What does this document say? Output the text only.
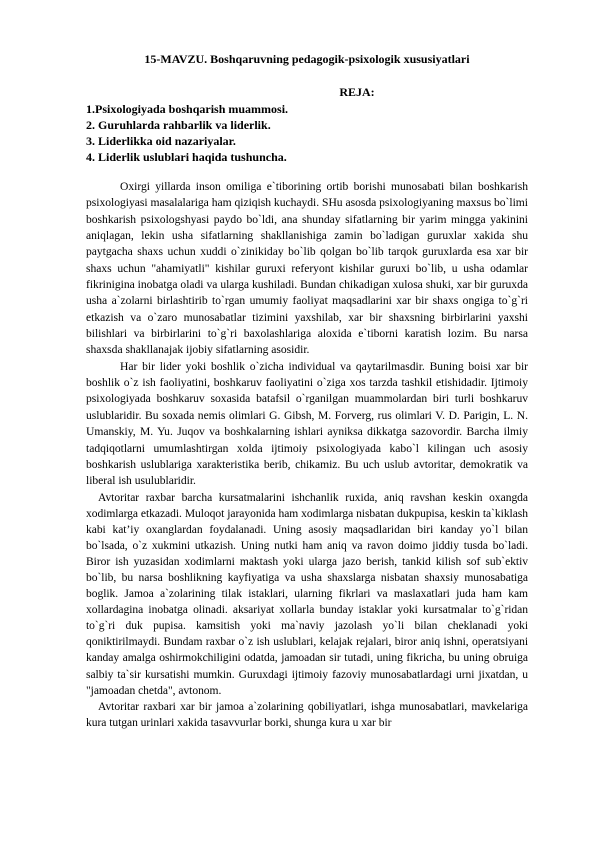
15-MAVZU. Boshqaruvning pedagogik-psixologik xususiyatlari

REJA:

1.Psixologiyada boshqarish muammosi.
2. Guruhlarda rahbarlik va liderlik.
3. Liderlikka oid nazariyalar.
4. Liderlik uslublari haqida tushuncha.

Oxirgi yillarda inson omiliga e`tiborining ortib borishi munosabati bilan boshkarish psixologiyasi masalalariga ham qiziqish kuchaydi. SHu asosda psixologiyaning maxsus bo`limi boshkarish psixologshyasi paydo bo`ldi, ana shunday sifatlarning bir yarim mingga yakinini aniqlagan, lekin usha sifatlarning shakllanishiga zamin bo`ladigan guruxlar xakida shu paytgacha shaxs uchun xuddi o`zinikiday bo`lib qolgan bo`lib tarqok guruxlarda esa xar bir shaxs uchun "ahamiyatli" kishilar guruxi referyont kishilar guruxi bo`lib, u usha odamlar fikrinigina inobatga oladi va ularga kushiladi. Bundan chikadigan xulosa shuki, xar bir guruxda usha a`zolarni birlashtirib to`rgan umumiy faoliyat maqsadlarini xar bir shaxs ongiga to`g`ri etkazish va o`zaro munosabatlar tizimini yaxshilab, xar bir shaxsning birbirlarini yaxshi bilishlari va birbirlarini to`g`ri baxolashlariga aloxida e`tiborni karatish lozim. Bu narsa shaxsda shakllanajak ijobiy sifatlarning asosidir.

Har bir lider yoki boshlik o`zicha individual va qaytarilmasdir. Buning boisi xar bir boshlik o`z ish faoliyatini, boshkaruv faoliyatini o`ziga xos tarzda tashkil etishidadir. Ijtimoiy psixologiyada boshkaruv soxasida batafsil o`rganilgan muammolardan biri turli boshkaruv uslublaridir. Bu soxada nemis olimlari G. Gibsh, M. Forverg, rus olimlari V. D. Parigin, L. N. Umanskiy, M. Yu. Juqov va boshkalarning ishlari ayniksa dikkatga sazovordir. Barcha ilmiy tadqiqotlarni umumlashtirgan xolda ijtimoiy psixologiyada kabo`l kilingan uch asosiy boshkarish uslublariga xarakteristika berib, chikamiz. Bu uch uslub avtoritar, demokratik va liberal ish usulublaridir.

Avtoritar raxbar barcha kursatmalarini ishchanlik ruxida, aniq ravshan keskin oxangda xodimlarga etkazadi. Muloqot jarayonida ham xodimlarga nisbatan dukpupisa, keskin ta`kiklash kabi kat’iy oxanglardan foydalanadi. Uning asosiy maqsadlaridan biri kanday yo`l bilan bo`lsada, o`z xukmini utkazish. Uning nutki ham aniq va ravon doimo jiddiy tusda bo`ladi. Biror ish yuzasidan xodimlarni maktash yoki ularga jazo berish, tankid kilish sof sub`ektiv bo`lib, bu narsa boshlikning kayfiyatiga va usha shaxslarga nisbatan shaxsiy munosabatiga boglik. Jamoa a`zolarining tilak istaklari, ularning fikrlari va maslaxatlari juda ham kam xollardagina inobatga olinadi. aksariyat xollarla bunday istaklar yoki kursatmalar to`g`ridan to`g`ri duk pupisa. kamsitish yoki ma`naviy jazolash yo`li bilan cheklanadi yoki qoniktirilmaydi. Bundam raxbar o`z ish uslublari, kelajak rejalari, biror aniq ishni, operatsiyani kanday amalga oshirmokchiligini odatda, jamoadan sir tutadi, uning fikricha, bu uning obruiga salbiy ta`sir kursatishi mumkin. Guruxdagi ijtimoiy fazoviy munosabatlardagi urni jixatdan, u "jamoadan chetda", avtonom.

Avtoritar raxbari xar bir jamoa a`zolarining qobiliyatlari, ishga munosabatlari, mavkelariga kura tutgan urinlari xakida tasavvurlar borki, shunga kura u xar bir
